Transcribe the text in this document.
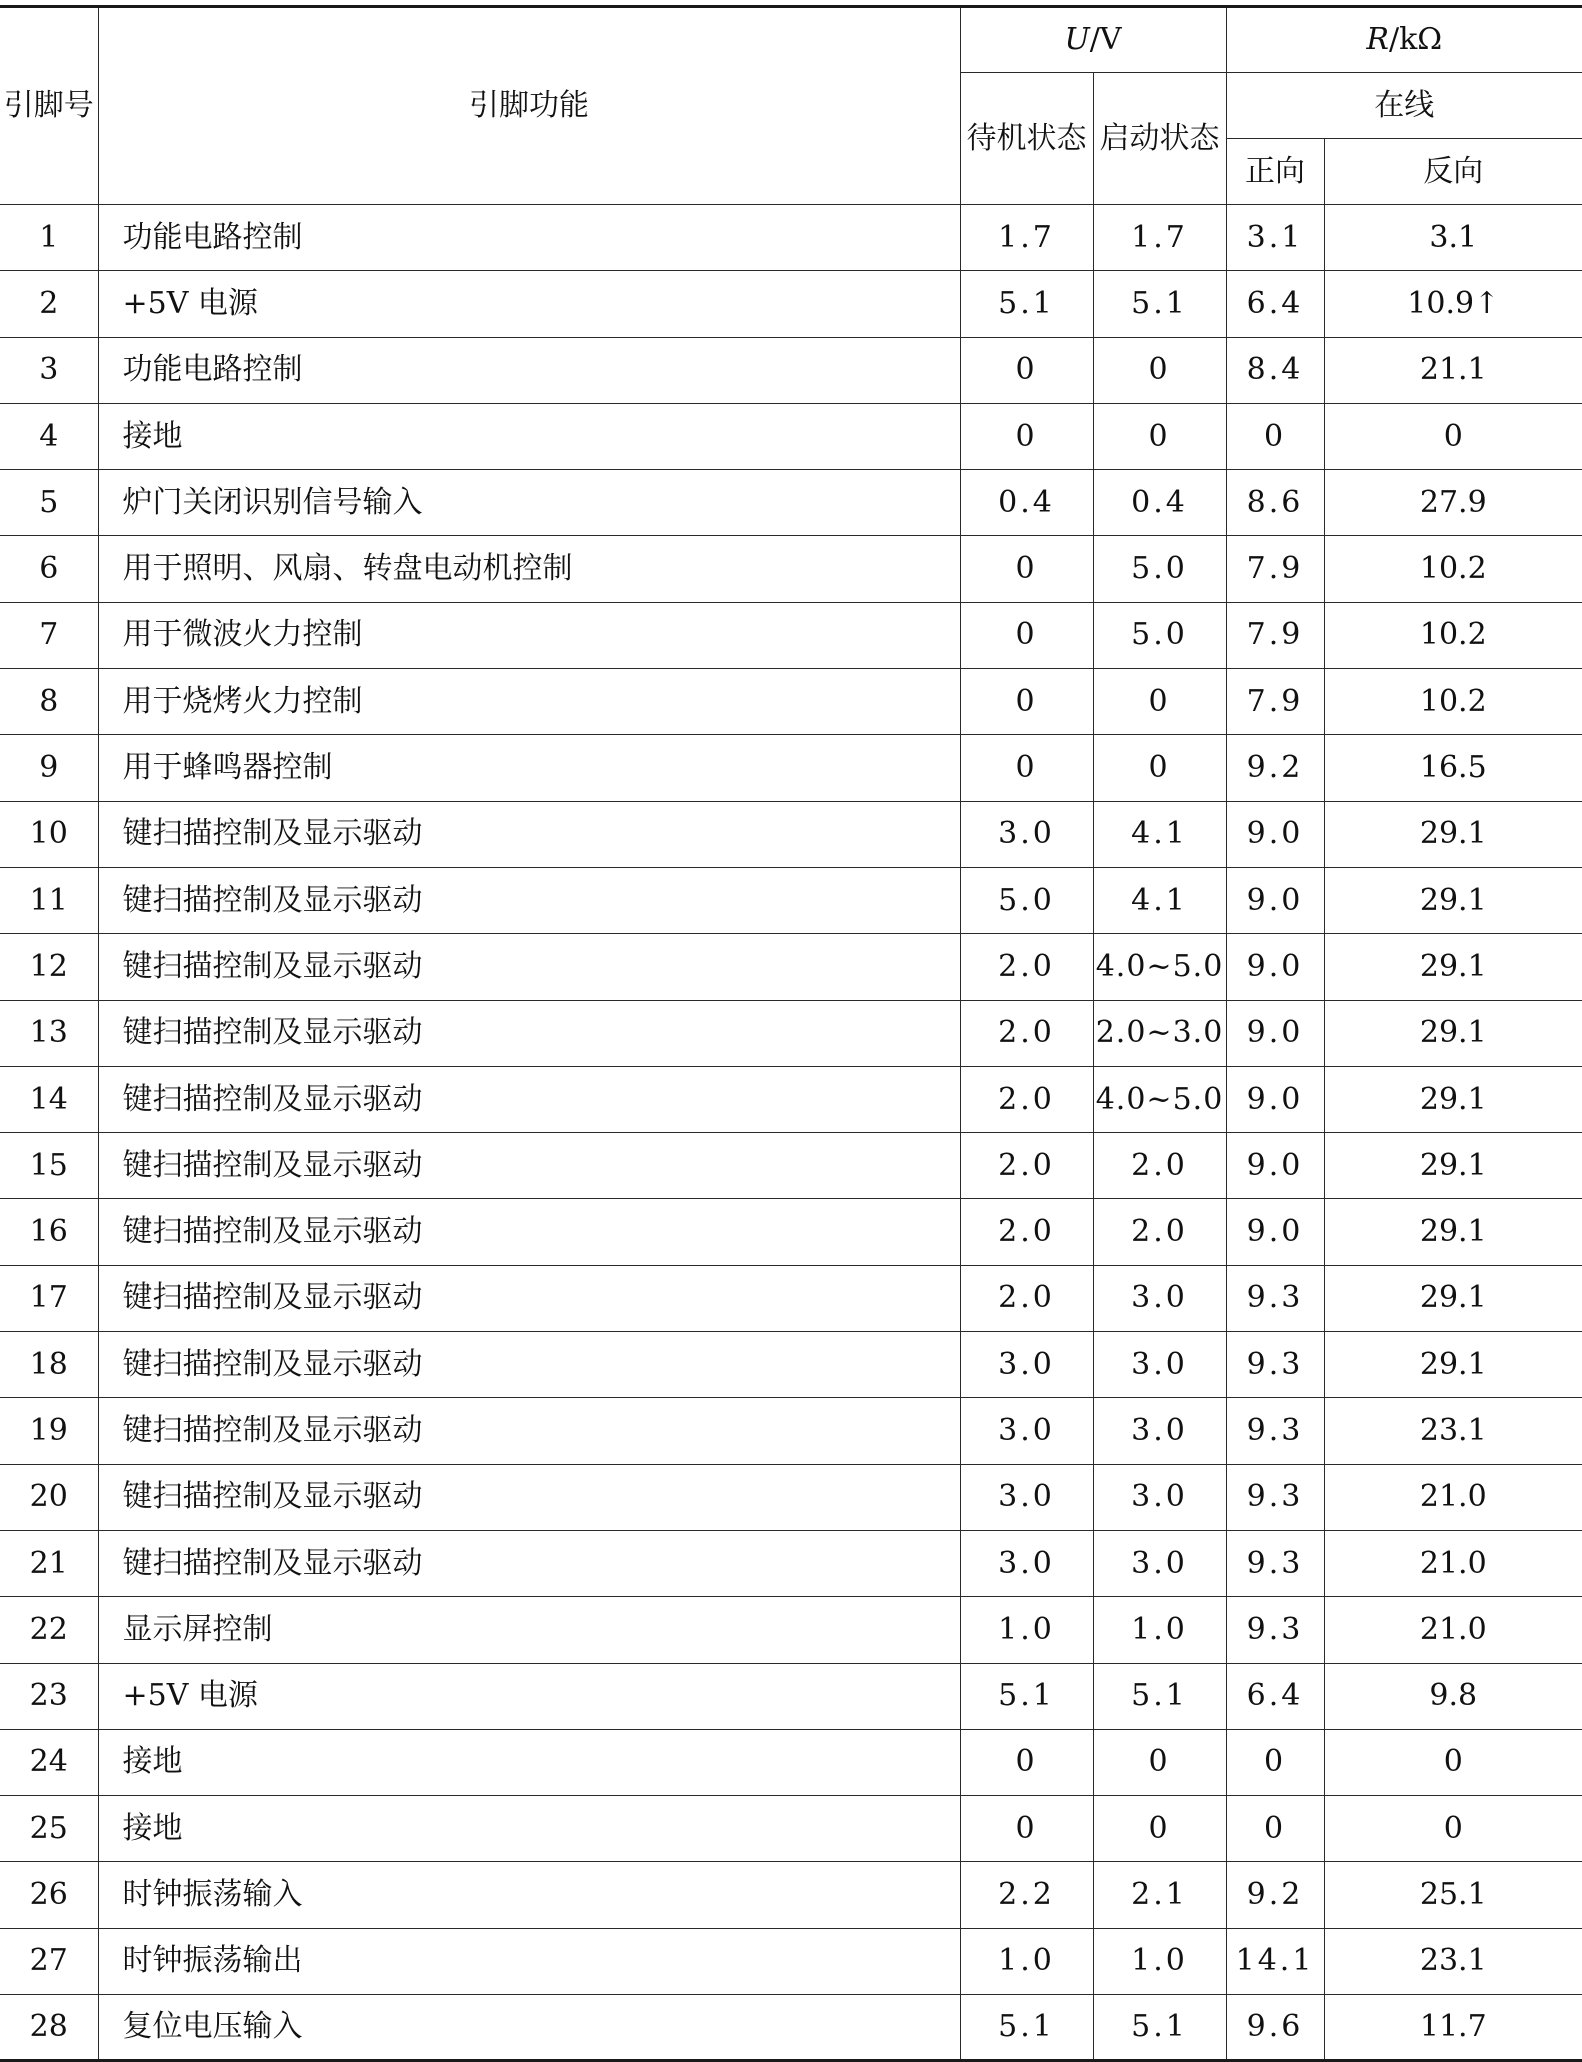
引脚号	引脚功能	U/V		R/kΩ	
		待机状态	启动状态	在线	
				正向	反向
1	功能电路控制	1.7	1.7	3.1	3.1
2	+5V 电源	5.1	5.1	6.4	10.9↑
3	功能电路控制	0	0	8.4	21.1
4	接地	0	0	0	0
5	炉门关闭识别信号输入	0.4	0.4	8.6	27.9
6	用于照明、风扇、转盘电动机控制	0	5.0	7.9	10.2
7	用于微波火力控制	0	5.0	7.9	10.2
8	用于烧烤火力控制	0	0	7.9	10.2
9	用于蜂鸣器控制	0	0	9.2	16.5
10	键扫描控制及显示驱动	3.0	4.1	9.0	29.1
11	键扫描控制及显示驱动	5.0	4.1	9.0	29.1
12	键扫描控制及显示驱动	2.0	4.0~5.0	9.0	29.1
13	键扫描控制及显示驱动	2.0	2.0~3.0	9.0	29.1
14	键扫描控制及显示驱动	2.0	4.0~5.0	9.0	29.1
15	键扫描控制及显示驱动	2.0	2.0	9.0	29.1
16	键扫描控制及显示驱动	2.0	2.0	9.0	29.1
17	键扫描控制及显示驱动	2.0	3.0	9.3	29.1
18	键扫描控制及显示驱动	3.0	3.0	9.3	29.1
19	键扫描控制及显示驱动	3.0	3.0	9.3	23.1
20	键扫描控制及显示驱动	3.0	3.0	9.3	21.0
21	键扫描控制及显示驱动	3.0	3.0	9.3	21.0
22	显示屏控制	1.0	1.0	9.3	21.0
23	+5V 电源	5.1	5.1	6.4	9.8
24	接地	0	0	0	0
25	接地	0	0	0	0
26	时钟振荡输入	2.2	2.1	9.2	25.1
27	时钟振荡输出	1.0	1.0	14.1	23.1
28	复位电压输入	5.1	5.1	9.6	11.7
